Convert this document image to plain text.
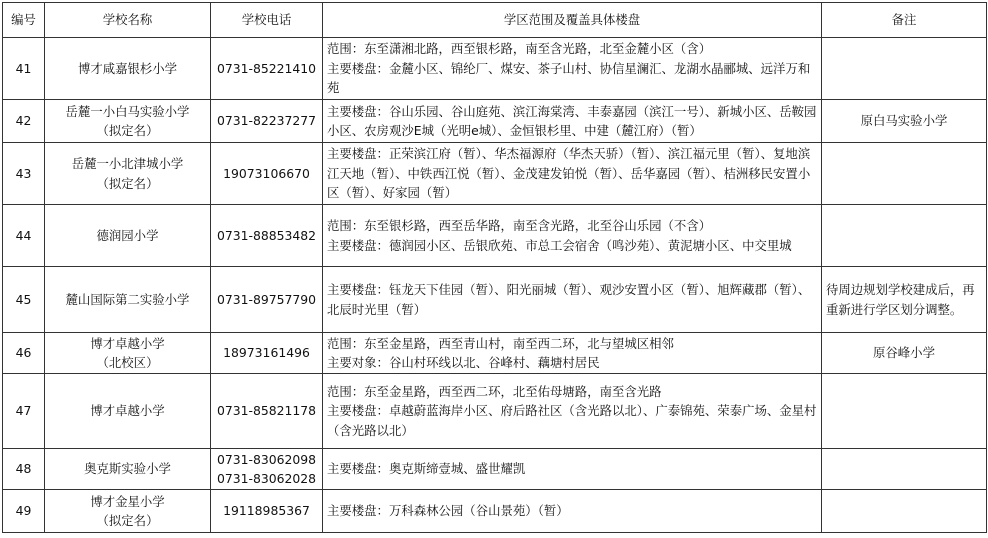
编号	学校名称	学校电话	学区范围及覆盖具体楼盘	备注
41	博才咸嘉银杉小学	0731-85221410	范围：东至潇湘北路，西至银杉路，南至含光路，北至金麓小区（含）
主要楼盘：金麓小区、锦纶厂、煤安、茶子山村、协信星澜汇、龙湖水晶郦城、远洋万和苑	

42	岳麓一小白马实验小学
（拟定名）	0731-82237277	主要楼盘：谷山乐园、谷山庭苑、滨江海棠湾、丰泰嘉园（滨江一号）、新城小区、岳鞍园小区、农房观沙E城（光明e城）、金恒银杉里、中建（麓江府）（暂）	原白马实验小学
43	岳麓一小北津城小学
（拟定名）	19073106670	主要楼盘：正荣滨江府（暂）、华杰福源府（华杰天骄）（暂）、滨江福元里（暂）、复地滨江天地（暂）、中铁西江悦（暂）、金茂建发铂悦（暂）、岳华嘉园（暂）、桔洲移民安置小区（暂）、好家园（暂）	

44	德润园小学	0731-88853482	范围：东至银杉路，西至岳华路，南至含光路，北至谷山乐园（不含）
主要楼盘：德润园小区、岳银欣苑、市总工会宿舍（鸣沙苑）、黄泥塘小区、中交里城	

45	麓山国际第二实验小学	0731-89757790	主要楼盘：钰龙天下佳园（暂）、阳光丽城（暂）、观沙安置小区（暂）、旭辉藏郡（暂）、北辰时光里（暂）	待周边规划学校建成后，再重新进行学区划分调整。
46	博才卓越小学
（北校区）	18973161496	范围：东至金星路，西至青山村，南至西二环，北与望城区相邻
主要对象：谷山村环线以北、谷峰村、藕塘村居民	原谷峰小学
47	博才卓越小学	0731-85821178	范围：东至金星路，西至西二环，北至佑母塘路，南至含光路
主要楼盘：卓越蔚蓝海岸小区、府后路社区（含光路以北）、广泰锦苑、荣泰广场、金星村（含光路以北）	

48	奥克斯实验小学	0731-83062098
0731-83062028	主要楼盘：奥克斯缔壹城、盛世耀凯	

49	博才金星小学
（拟定名）	19118985367	主要楼盘：万科森林公园（谷山景苑）（暂）	
